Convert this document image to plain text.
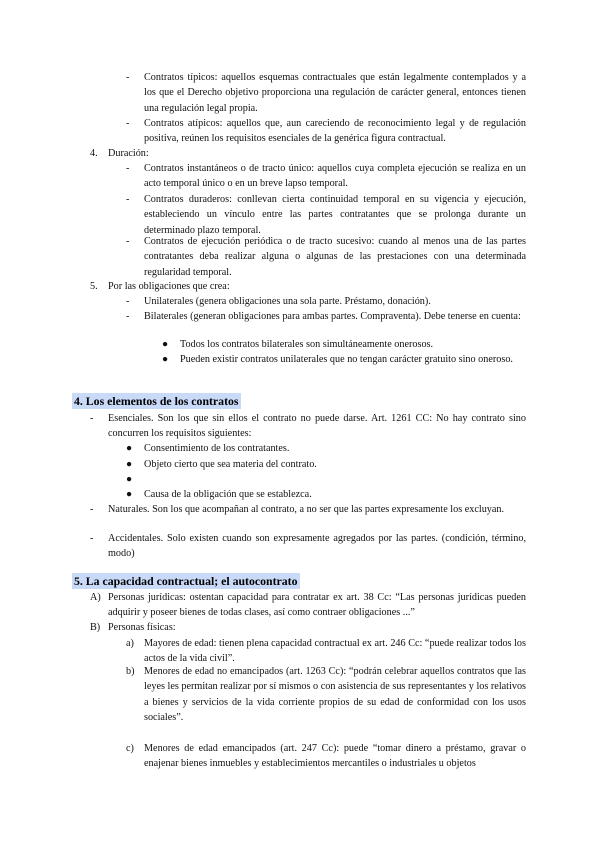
- Contratos típicos: aquellos esquemas contractuales que están legalmente contemplados y a los que el Derecho objetivo proporciona una regulación de carácter general, entonces tienen una regulación legal propia.
- Contratos atípicos: aquellos que, aun careciendo de reconocimiento legal y de regulación positiva, reúnen los requisitos esenciales de la genérica figura contractual.
4. Duración:
- Contratos instantáneos o de tracto único: aquellos cuya completa ejecución se realiza en un acto temporal único o en un breve lapso temporal.
- Contratos duraderos: conllevan cierta continuidad temporal en su vigencia y ejecución, estableciendo un vínculo entre las partes contratantes que se prolonga durante un determinado plazo temporal.
- Contratos de ejecución periódica o de tracto sucesivo: cuando al menos una de las partes contratantes deba realizar alguna o algunas de las prestaciones con una determinada regularidad temporal.
5. Por las obligaciones que crea:
- Unilaterales (genera obligaciones una sola parte. Préstamo, donación).
- Bilaterales (generan obligaciones para ambas partes. Compraventa). Debe tenerse en cuenta:
● Todos los contratos bilaterales son simultáneamente onerosos.
● Pueden existir contratos unilaterales que no tengan carácter gratuito sino oneroso.
4. Los elementos de los contratos
- Esenciales. Son los que sin ellos el contrato no puede darse. Art. 1261 CC: No hay contrato sino concurren los requisitos siguientes:
● Consentimiento de los contratantes.
● Objeto cierto que sea materia del contrato.
●
● Causa de la obligación que se establezca.
- Naturales. Son los que acompañan al contrato, a no ser que las partes expresamente los excluyan.
- Accidentales. Solo existen cuando son expresamente agregados por las partes. (condición, término, modo)
5. La capacidad contractual; el autocontrato
A) Personas jurídicas: ostentan capacidad para contratar ex art. 38 Cc: “Las personas jurídicas pueden adquirir y poseer bienes de todas clases, así como contraer obligaciones ...”
B) Personas físicas:
a) Mayores de edad: tienen plena capacidad contractual ex art. 246 Cc: “puede realizar todos los actos de la vida civil”.
b) Menores de edad no emancipados (art. 1263 Cc): “podrán celebrar aquellos contratos que las leyes les permitan realizar por sí mismos o con asistencia de sus representantes y los relativos a bienes y servicios de la vida corriente propios de su edad de conformidad con los usos sociales”.
c) Menores de edad emancipados (art. 247 Cc): puede “tomar dinero a préstamo, gravar o enajenar bienes inmuebles y establecimientos mercantiles o industriales u objetos
